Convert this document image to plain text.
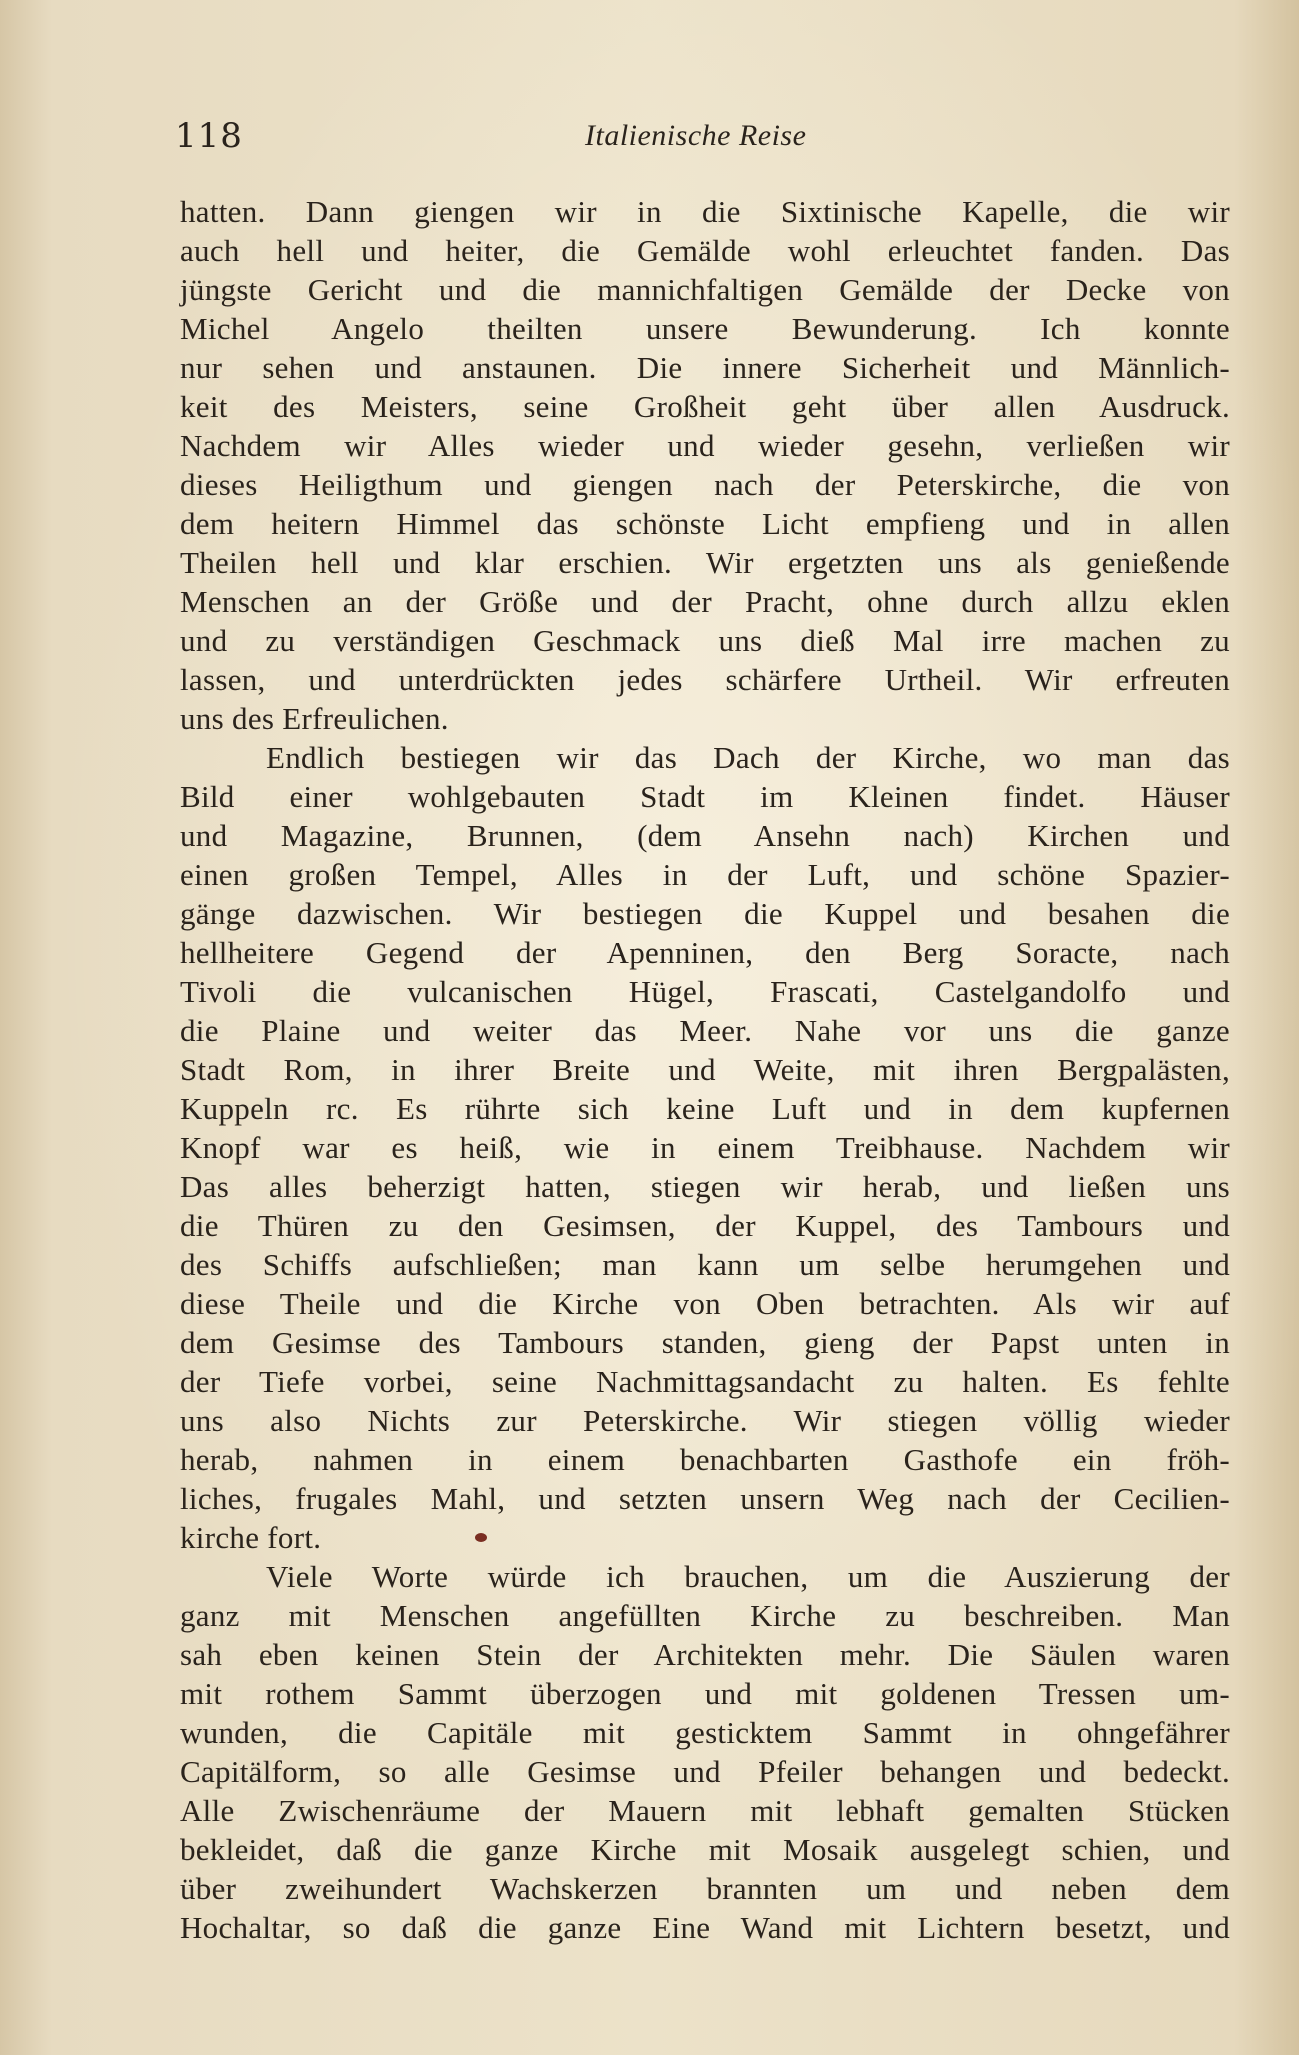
118	Italienische Reise
hatten. Dann giengen wir in die Sixtinische Kapelle, die wir
auch hell und heiter, die Gemälde wohl erleuchtet fanden. Das
jüngste Gericht und die mannichfaltigen Gemälde der Decke von
Michel Angelo theilten unsere Bewunderung. Ich konnte
nur sehen und anstaunen. Die innere Sicherheit und Männlich-
keit des Meisters, seine Großheit geht über allen Ausdruck.
Nachdem wir Alles wieder und wieder gesehn, verließen wir
dieses Heiligthum und giengen nach der Peterskirche, die von
dem heitern Himmel das schönste Licht empfieng und in allen
Theilen hell und klar erschien. Wir ergetzten uns als genießende
Menschen an der Größe und der Pracht, ohne durch allzu eklen
und zu verständigen Geschmack uns dieß Mal irre machen zu
lassen, und unterdrückten jedes schärfere Urtheil. Wir erfreuten
uns des Erfreulichen.
Endlich bestiegen wir das Dach der Kirche, wo man das
Bild einer wohlgebauten Stadt im Kleinen findet. Häuser
und Magazine, Brunnen, (dem Ansehn nach) Kirchen und
einen großen Tempel, Alles in der Luft, und schöne Spazier-
gänge dazwischen. Wir bestiegen die Kuppel und besahen die
hellheitere Gegend der Apenninen, den Berg Soracte, nach
Tivoli die vulcanischen Hügel, Frascati, Castelgandolfo und
die Plaine und weiter das Meer. Nahe vor uns die ganze
Stadt Rom, in ihrer Breite und Weite, mit ihren Bergpalästen,
Kuppeln rc. Es rührte sich keine Luft und in dem kupfernen
Knopf war es heiß, wie in einem Treibhause. Nachdem wir
Das alles beherzigt hatten, stiegen wir herab, und ließen uns
die Thüren zu den Gesimsen, der Kuppel, des Tambours und
des Schiffs aufschließen; man kann um selbe herumgehen und
diese Theile und die Kirche von Oben betrachten. Als wir auf
dem Gesimse des Tambours standen, gieng der Papst unten in
der Tiefe vorbei, seine Nachmittagsandacht zu halten. Es fehlte
uns also Nichts zur Peterskirche. Wir stiegen völlig wieder
herab, nahmen in einem benachbarten Gasthofe ein fröh-
liches, frugales Mahl, und setzten unsern Weg nach der Cecilien-
kirche fort.
Viele Worte würde ich brauchen, um die Auszierung der
ganz mit Menschen angefüllten Kirche zu beschreiben. Man
sah eben keinen Stein der Architekten mehr. Die Säulen waren
mit rothem Sammt überzogen und mit goldenen Tressen um-
wunden, die Capitäle mit gesticktem Sammt in ohngefährer
Capitälform, so alle Gesimse und Pfeiler behangen und bedeckt.
Alle Zwischenräume der Mauern mit lebhaft gemalten Stücken
bekleidet, daß die ganze Kirche mit Mosaik ausgelegt schien, und
über zweihundert Wachskerzen brannten um und neben dem
Hochaltar, so daß die ganze Eine Wand mit Lichtern besetzt, und
